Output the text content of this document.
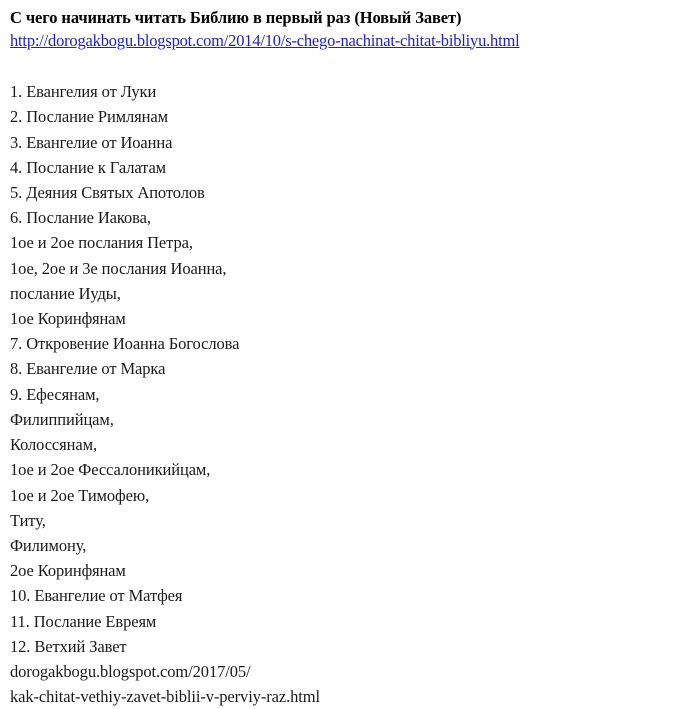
С чего начинать читать Библию в первый раз (Новый Завет)
http://dorogakbogu.blogspot.com/2014/10/s-chego-nachinat-chitat-bibliyu.html
1. Евангелия от Луки
2. Послание Римлянам
3. Евангелие от Иоанна
4. Послание к Галатам
5. Деяния Святых Апотолов
6. Послание Иакова,
1ое и 2ое послания Петра,
1ое, 2ое и 3е послания Иоанна,
послание Иуды,
1ое Коринфянам
7. Откровение Иоанна Богослова
8. Евангелие от Марка
9. Ефесянам,
Филиппийцам,
Колоссянам,
1ое и 2ое Фессалоникийцам,
1ое и 2ое Тимофею,
Титу,
Филимону,
2ое Коринфянам
10. Евангелие от Матфея
11. Послание Евреям
12. Ветхий Завет
dorogakbogu.blogspot.com/2017/05/
kak-chitat-vethiy-zavet-biblii-v-perviy-raz.html
